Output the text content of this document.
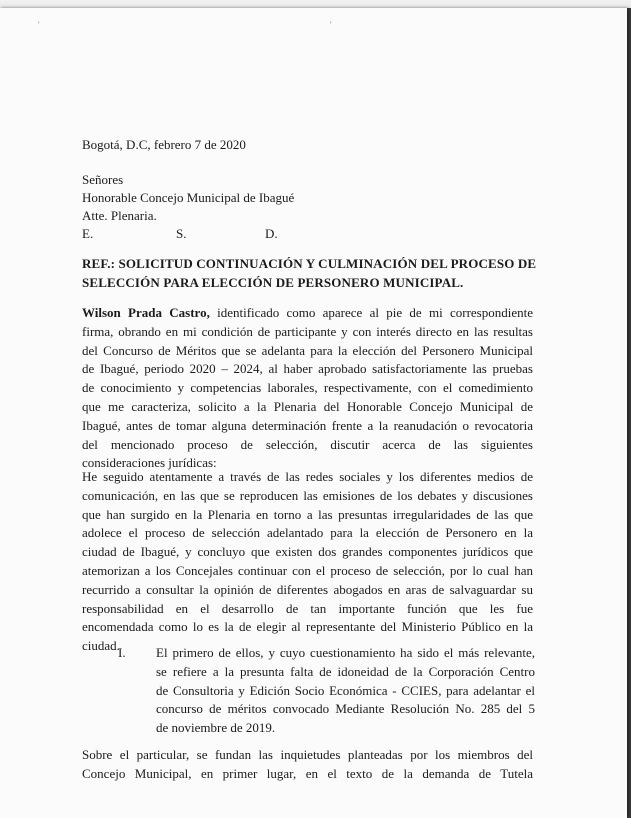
'	'
Bogotá, D.C, febrero 7 de 2020
Señores
Honorable Concejo Municipal de Ibagué
Atte. Plenaria.
E.	S.	D.
REF.: SOLICITUD CONTINUACIÓN Y CULMINACIÓN DEL PROCESO DE
SELECCIÓN PARA ELECCIÓN DE PERSONERO MUNICIPAL.
Wilson Prada Castro, identificado como aparece al pie de mi correspondiente
firma, obrando en mi condición de participante y con interés directo en las resultas
del Concurso de Méritos que se adelanta para la elección del Personero Municipal
de Ibagué, periodo 2020 – 2024, al haber aprobado satisfactoriamente las pruebas
de conocimiento y competencias laborales, respectivamente, con el comedimiento
que me caracteriza, solicito a la Plenaria del Honorable Concejo Municipal de
Ibagué, antes de tomar alguna determinación frente a la reanudación o revocatoria
del mencionado proceso de selección, discutir acerca de las siguientes
consideraciones jurídicas:
He seguido atentamente a través de las redes sociales y los diferentes medios de
comunicación, en las que se reproducen las emisiones de los debates y discusiones
que han surgido en la Plenaria en torno a las presuntas irregularidades de las que
adolece el proceso de selección adelantado para la elección de Personero en la
ciudad de Ibagué, y concluyo que existen dos grandes componentes jurídicos que
atemorizan a los Concejales continuar con el proceso de selección, por lo cual han
recurrido a consultar la opinión de diferentes abogados en aras de salvaguardar su
responsabilidad en el desarrollo de tan importante función que les fue
encomendada como lo es la de elegir al representante del Ministerio Público en la
ciudad.
I. El primero de ellos, y cuyo cuestionamiento ha sido el más relevante,
se refiere a la presunta falta de idoneidad de la Corporación Centro
de Consultoria y Edición Socio Económica - CCIES, para adelantar el
concurso de méritos convocado Mediante Resolución No. 285 del 5
de noviembre de 2019.
Sobre el particular, se fundan las inquietudes planteadas por los miembros del
Concejo Municipal, en primer lugar, en el texto de la demanda de Tutela
